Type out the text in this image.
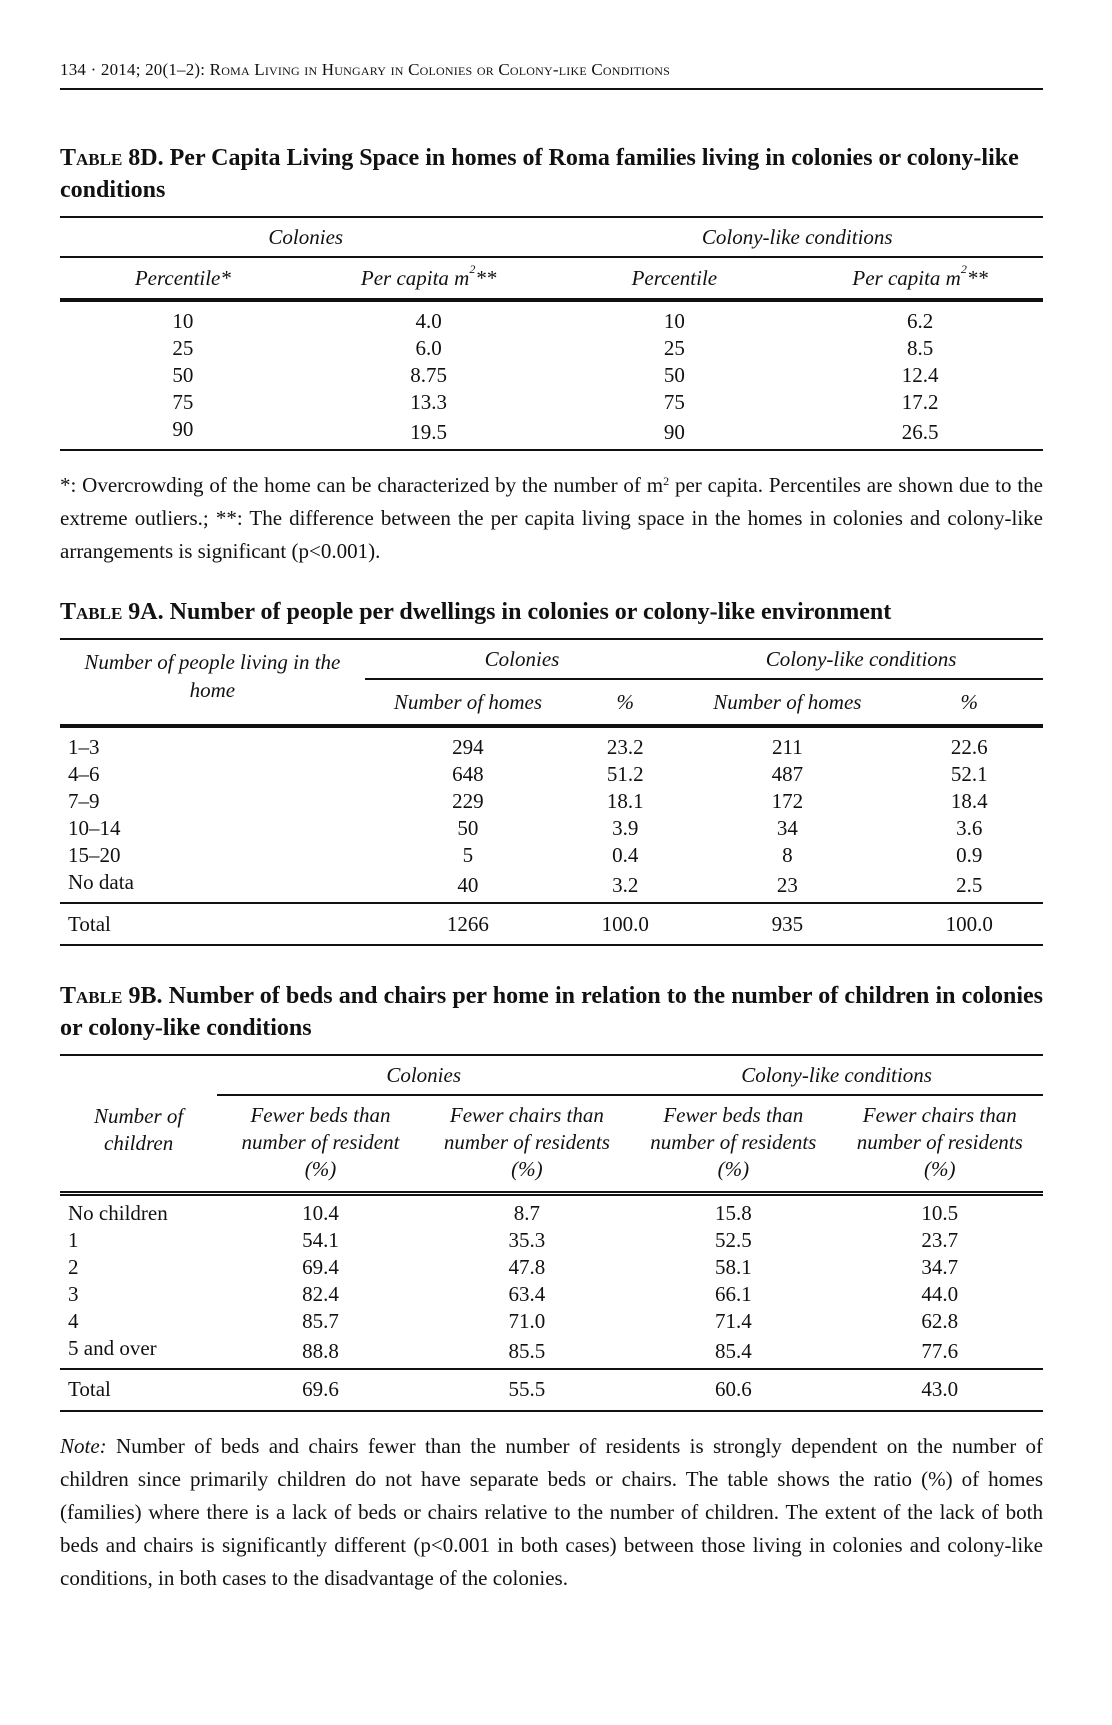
134 · 2014; 20(1–2): Roma Living in Hungary in Colonies or Colony-like Conditions

Table 8D. Per Capita Living Space in homes of Roma families living in colonies or colony-like conditions

Colonies		Colony-like conditions	
Percentile*	Per capita $m^2**$	Percentile	Per capita $m^2**$

10	4.0	10	6.2
25	6.0	25	8.5
50	8.75	50	12.4
75	13.3	75	17.2
90	19.5	90	26.5

*: Overcrowding of the home can be characterized by the number of $m^2$ per capita. Percentiles are shown due to the extreme outliers.; **: The difference between the per capita living space in the homes in colonies and colony-like arrangements is significant (p<0.001).

Table 9A. Number of people per dwellings in colonies or colony-like environment

Number of people living in the home	Colonies		Colony-like conditions	
	Number of homes	%	Number of homes	%

1–3	294	23.2	211	22.6
4–6	648	51.2	487	52.1
7–9	229	18.1	172	18.4
10–14	50	3.9	34	3.6
15–20	5	0.4	8	0.9
No data	40	3.2	23	2.5
Total	1266	100.0	935	100.0

Table 9B. Number of beds and chairs per home in relation to the number of children in colonies or colony-like conditions

	Colonies		Colony-like conditions	
Number of children	Fewer beds than number of resident (%)	Fewer chairs than number of residents (%)	Fewer beds than number of residents (%)	Fewer chairs than number of residents (%)

No children	10.4	8.7	15.8	10.5
1	54.1	35.3	52.5	23.7
2	69.4	47.8	58.1	34.7
3	82.4	63.4	66.1	44.0
4	85.7	71.0	71.4	62.8
5 and over	88.8	85.5	85.4	77.6
Total	69.6	55.5	60.6	43.0

Note: Number of beds and chairs fewer than the number of residents is strongly dependent on the number of children since primarily children do not have separate beds or chairs. The table shows the ratio (%) of homes (families) where there is a lack of beds or chairs relative to the number of children. The extent of the lack of both beds and chairs is significantly different (p<0.001 in both cases) between those living in colonies and colony-like conditions, in both cases to the disadvantage of the colonies.
